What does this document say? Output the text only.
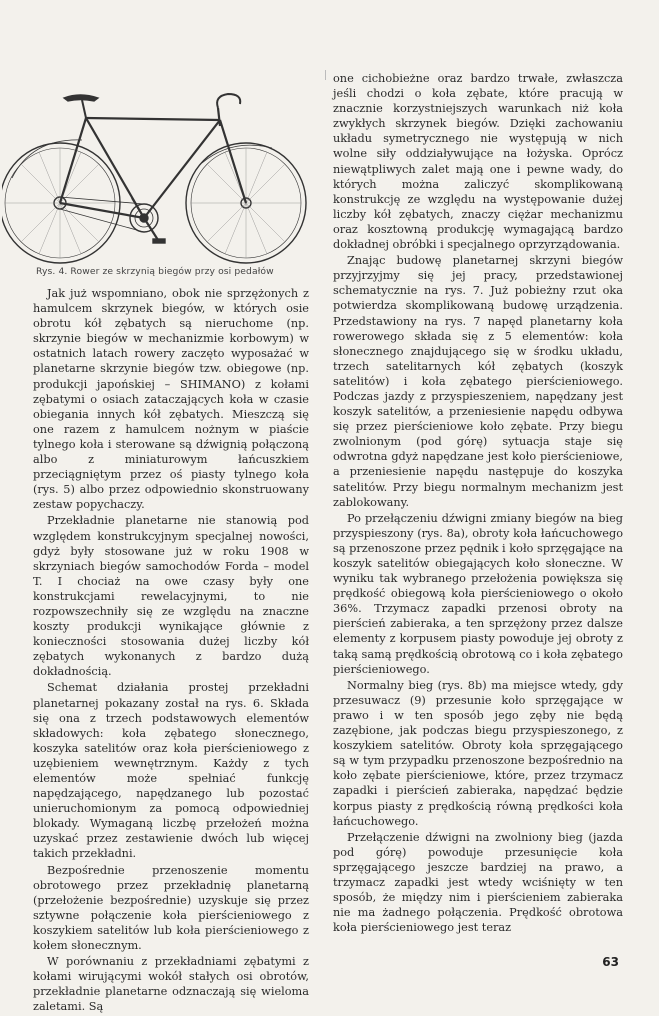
Rys. 4. Rower ze skrzynią biegów przy osi pedałów

Jak już wspomniano, obok nie sprzężonych z hamulcem skrzynek biegów, w których osie obrotu kół zębatych są nieruchome (np. skrzynie biegów w mechanizmie korbowym) w ostatnich latach rowery zaczęto wyposażać w planetarne skrzynie biegów tzw. obiegowe (np. produkcji japońskiej – SHIMANO) z kołami zębatymi o osiach zataczających koła w czasie obiegania innych kół zębatych. Mieszczą się one razem z hamulcem nożnym w piaście tylnego koła i sterowane są dźwignią połączoną albo z miniaturowym łańcuszkiem przeciągniętym przez oś piasty tylnego koła (rys. 5) albo przez odpowiednio skonstruowany zestaw popychaczy.

Przekładnie planetarne nie stanowią pod względem konstrukcyjnym specjalnej nowości, gdyż były stosowane już w roku 1908 w skrzyniach biegów samochodów Forda – model T. I chociaż na owe czasy były one konstrukcjami rewelacyjnymi, to nie rozpowszechniły się ze względu na znaczne koszty produkcji wynikające głównie z konieczności stosowania dużej liczby kół zębatych wykonanych z bardzo dużą dokładnością.

Schemat działania prostej przekładni planetarnej pokazany został na rys. 6. Składa się ona z trzech podstawowych elementów składowych: koła zębatego słonecznego, koszyka satelitów oraz koła pierścieniowego z uzębieniem wewnętrznym. Każdy z tych elementów może spełniać funkcję napędzającego, napędzanego lub pozostać unieruchomionym za pomocą odpowiedniej blokady. Wymaganą liczbę przełożeń można uzyskać przez zestawienie dwóch lub więcej takich przekładni.

Bezpośrednie przenoszenie momentu obrotowego przez przekładnię planetarną (przełożenie bezpośrednie) uzyskuje się przez sztywne połączenie koła pierścieniowego z koszykiem satelitów lub koła pierścieniowego z kołem słonecznym.

W porównaniu z przekładniami zębatymi z kołami wirującymi wokół stałych osi obrotów, przekładnie planetarne odznaczają się wieloma zaletami. Są

one cichobieżne oraz bardzo trwałe, zwłaszcza jeśli chodzi o koła zębate, które pracują w znacznie korzystniejszych warunkach niż koła zwykłych skrzynek biegów. Dzięki zachowaniu układu symetrycznego nie występują w nich wolne siły oddziaływujące na łożyska. Oprócz niewątpliwych zalet mają one i pewne wady, do których można zaliczyć skomplikowaną konstrukcję ze względu na występowanie dużej liczby kół zębatych, znaczy ciężar mechanizmu oraz kosztowną produkcję wymagającą bardzo dokładnej obróbki i specjalnego oprzyrządowania.

Znając budowę planetarnej skrzyni biegów przyjrzyjmy się jej pracy, przedstawionej schematycznie na rys. 7. Już pobieżny rzut oka potwierdza skomplikowaną budowę urządzenia. Przedstawiony na rys. 7 napęd planetarny koła rowerowego składa się z 5 elementów: koła słonecznego znajdującego się w środku układu, trzech satelitarnych kół zębatych (koszyk satelitów) i koła zębatego pierścieniowego. Podczas jazdy z przyspieszeniem, napędzany jest koszyk satelitów, a przeniesienie napędu odbywa się przez pierścieniowe koło zębate. Przy biegu zwolnionym (pod górę) sytuacja staje się odwrotna gdyż napędzane jest koło pierścieniowe, a przeniesienie napędu następuje do koszyka satelitów. Przy biegu normalnym mechanizm jest zablokowany.

Po przełączeniu dźwigni zmiany biegów na bieg przyspieszony (rys. 8a), obroty koła łańcuchowego są przenoszone przez pędnik i koło sprzęgające na koszyk satelitów obiegających koło słoneczne. W wyniku tak wybranego przełożenia powiększa się prędkość obiegową koła pierścieniowego o około 36%. Trzymacz zapadki przenosi obroty na pierścień zabieraka, a ten sprzężony przez dalsze elementy z korpusem piasty powoduje jej obroty z taką samą prędkością obrotową co i koła zębatego pierścieniowego.

Normalny bieg (rys. 8b) ma miejsce wtedy, gdy przesuwacz (9) przesunie koło sprzęgające w prawo i w ten sposób jego zęby nie będą zazębione, jak podczas biegu przyspieszonego, z koszykiem satelitów. Obroty koła sprzęgającego są w tym przypadku przenoszone bezpośrednio na koło zębate pierścieniowe, które, przez trzymacz zapadki i pierścień zabieraka, napędzać będzie korpus piasty z prędkością równą prędkości koła łańcuchowego.

Przełączenie dźwigni na zwolniony bieg (jazda pod górę) powoduje przesunięcie koła sprzęgającego jeszcze bardziej na prawo, a trzymacz zapadki jest wtedy wciśnięty w ten sposób, że między nim i pierścieniem zabieraka nie ma żadnego połączenia. Prędkość obrotowa koła pierścieniowego jest teraz

63
